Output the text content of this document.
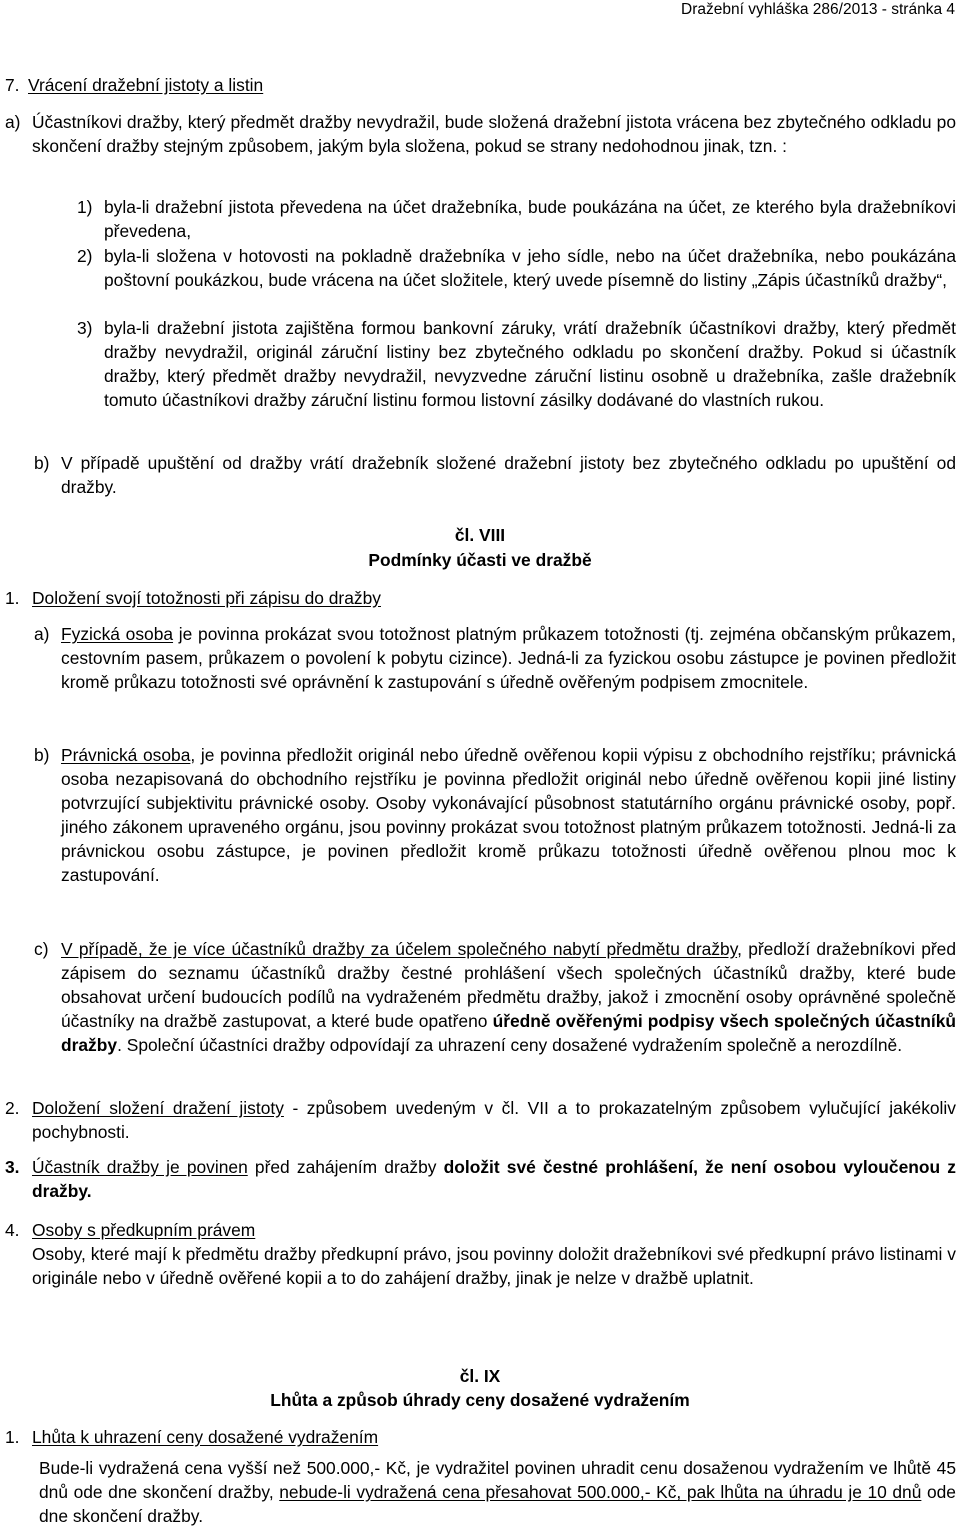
Dražební vyhláška 286/2013 - stránka 4
7. Vrácení dražební jistoty a listin
a) Účastníkovi dražby, který předmět dražby nevydražil, bude složená dražební jistota vrácena bez zbytečného odkladu po skončení dražby stejným způsobem, jakým byla složena, pokud se strany nedohodnou jinak, tzn. :
1) byla-li dražební jistota převedena na účet dražebníka, bude poukázána na účet, ze kterého byla dražebníkovi převedena,
2) byla-li složena v hotovosti na pokladně dražebníka v jeho sídle, nebo na účet dražebníka, nebo poukázána poštovní poukázkou, bude vrácena na účet složitele, který uvede písemně do listiny „Zápis účastníků dražby“,
3) byla-li dražební jistota zajištěna formou bankovní záruky, vrátí dražebník účastníkovi dražby, který předmět dražby nevydražil, originál záruční listiny bez zbytečného odkladu po skončení dražby. Pokud si účastník dražby, který předmět dražby nevydražil, nevyzvedne záruční listinu osobně u dražebníka, zašle dražebník tomuto účastníkovi dražby záruční listinu formou listovní zásilky dodávané do vlastních rukou.
b) V případě upuštění od dražby vrátí dražebník složené dražební jistoty bez zbytečného odkladu po upuštění od dražby.
čl. VIII
Podmínky účasti ve dražbě
1. Doložení svojí totožnosti při zápisu do dražby
a) Fyzická osoba je povinna prokázat svou totožnost platným průkazem totožnosti (tj. zejména občanským průkazem, cestovním pasem, průkazem o povolení k pobytu cizince). Jedná-li za fyzickou osobu zástupce je povinen předložit kromě průkazu totožnosti své oprávnění k zastupování s úředně ověřeným podpisem zmocnitele.
b) Právnická osoba, je povinna předložit originál nebo úředně ověřenou kopii výpisu z obchodního rejstříku; právnická osoba nezapisovaná do obchodního rejstříku je povinna předložit originál nebo úředně ověřenou kopii jiné listiny potvrzující subjektivitu právnické osoby. Osoby vykonávající působnost statutárního orgánu právnické osoby, popř. jiného zákonem upraveného orgánu, jsou povinny prokázat svou totožnost platným průkazem totožnosti. Jedná-li za právnickou osobu zástupce, je povinen předložit kromě průkazu totožnosti úředně ověřenou plnou moc k zastupování.
c) V případě, že je více účastníků dražby za účelem společného nabytí předmětu dražby, předloží dražebníkovi před zápisem do seznamu účastníků dražby čestné prohlášení všech společných účastníků dražby, které bude obsahovat určení budoucích podílů na vydraženém předmětu dražby, jakož i zmocnění osoby oprávněné společně účastníky na dražbě zastupovat, a které bude opatřeno úředně ověřenými podpisy všech společných účastníků dražby. Společní účastníci dražby odpovídají za uhrazení ceny dosažené vydražením společně a nerozdílně.
2. Doložení složení dražení jistoty - způsobem uvedeným v čl. VII a to prokazatelným způsobem vylučující jakékoliv pochybnosti.
3. Účastník dražby je povinen před zahájením dražby doložit své čestné prohlášení, že není osobou vyloučenou z dražby.
4. Osoby s předkupním právem
Osoby, které mají k předmětu dražby předkupní právo, jsou povinny doložit dražebníkovi své předkupní právo listinami v originále nebo v úředně ověřené kopii a to do zahájení dražby, jinak je nelze v dražbě uplatnit.
čl. IX
Lhůta a způsob úhrady ceny dosažené vydražením
1. Lhůta k uhrazení ceny dosažené vydražením
Bude-li vydražená cena vyšší než 500.000,- Kč, je vydražitel povinen uhradit cenu dosaženou vydražením ve lhůtě 45 dnů ode dne skončení dražby, nebude-li vydražená cena přesahovat 500.000,- Kč, pak lhůta na úhradu je 10 dnů ode dne skončení dražby.
